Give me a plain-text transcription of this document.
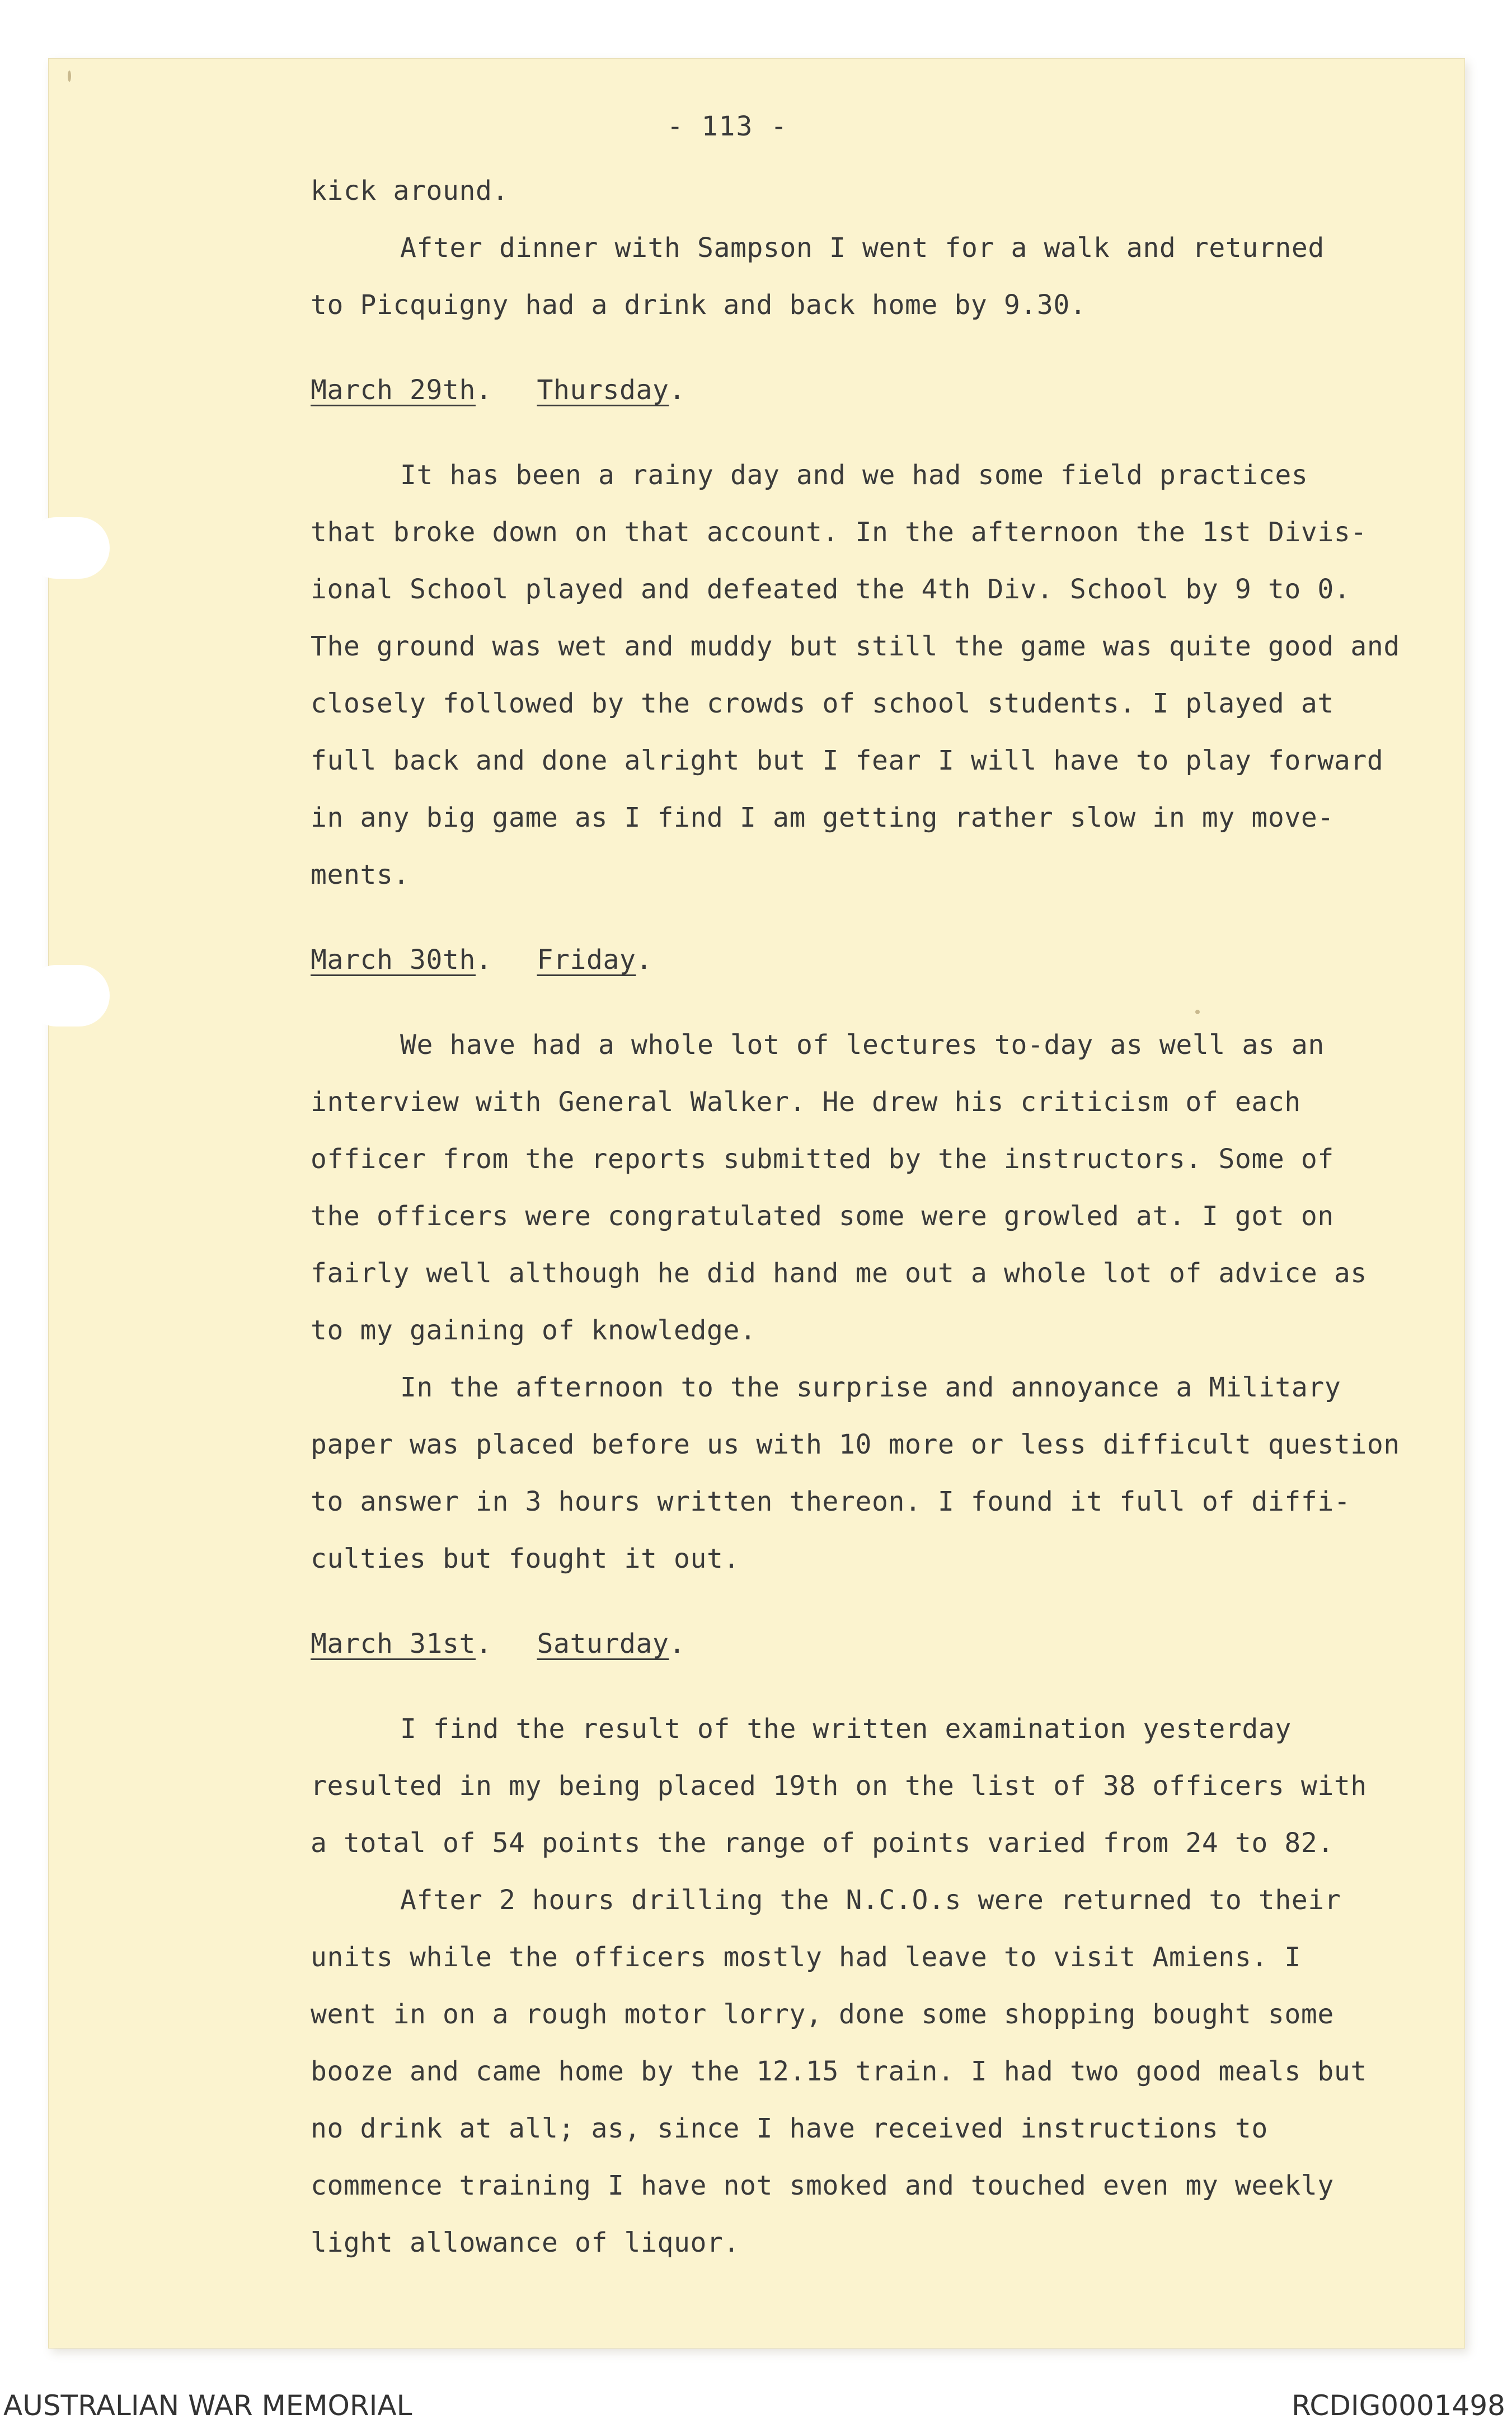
- 113 -
kick around.
After dinner with Sampson I went for a walk and returned
to Picquigny had a drink and back home by 9.30.
March 29th. Thursday.
It has been a rainy day and we had some field practices
that broke down on that account. In the afternoon the 1st Divis-
ional School played and defeated the 4th Div. School by 9 to 0.
The ground was wet and muddy but still the game was quite good and
closely followed by the crowds of school students. I played at
full back and done alright but I fear I will have to play forward
in any big game as I find I am getting rather slow in my move-
ments.
March 30th. Friday.
We have had a whole lot of lectures to-day as well as an
interview with General Walker. He drew his criticism of each
officer from the reports submitted by the instructors. Some of
the officers were congratulated some were growled at. I got on
fairly well although he did hand me out a whole lot of advice as
to my gaining of knowledge.
In the afternoon to the surprise and annoyance a Military
paper was placed before us with 10 more or less difficult question
to answer in 3 hours written thereon. I found it full of diffi-
culties but fought it out.
March 31st. Saturday.
I find the result of the written examination yesterday
resulted in my being placed 19th on the list of 38 officers with
a total of 54 points the range of points varied from 24 to 82.
After 2 hours drilling the N.C.O.s were returned to their
units while the officers mostly had leave to visit Amiens. I
went in on a rough motor lorry, done some shopping bought some
booze and came home by the 12.15 train. I had two good meals but
no drink at all; as, since I have received instructions to
commence training I have not smoked and touched even my weekly
light allowance of liquor.
AUSTRALIAN WAR MEMORIAL	RCDIG0001498
